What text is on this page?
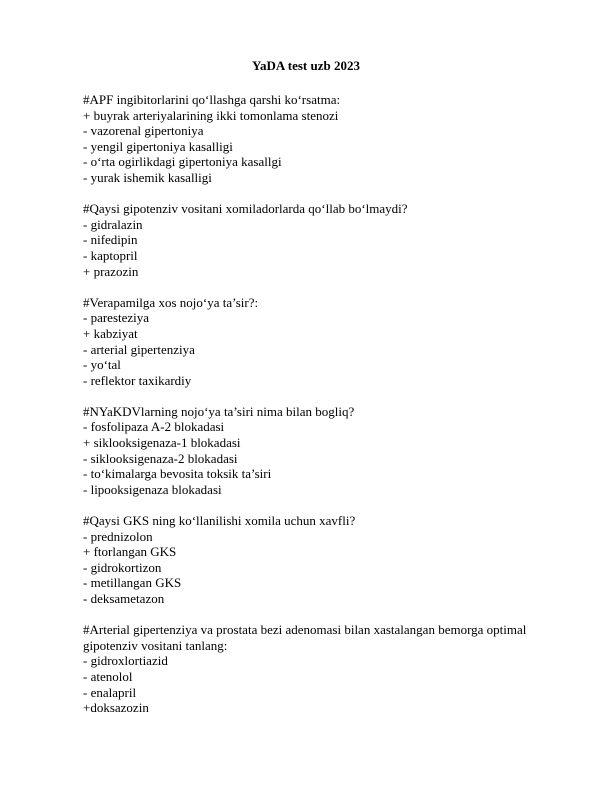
YaDA test uzb 2023
#APF ingibitorlarini qo‘llashga qarshi ko‘rsatma:
+ buyrak arteriyalarining ikki tomonlama stenozi
- vazorenal gipertoniya
- yengil gipertoniya kasalligi
- o‘rta ogirlikdagi gipertoniya kasallgi
- yurak ishemik kasalligi
#Qaysi gipotenziv vositani xomiladorlarda qo‘llab bo‘lmaydi?
- gidralazin
- nifedipin
- kaptopril
+ prazozin
#Verapamilga xos nojo‘ya ta’sir?:
- paresteziya
+ kabziyat
- arterial gipertenziya
- yo‘tal
- reflektor taxikardiy
#NYaKDVlarning nojo‘ya ta’siri nima bilan bogliq?
- fosfolipaza A-2 blokadasi
+ siklooksigenaza-1 blokadasi
- siklooksigenaza-2 blokadasi
- to‘kimalarga bevosita toksik ta’siri
- lipooksigenaza blokadasi
#Qaysi GKS ning ko‘llanilishi xomila uchun xavfli?
- prednizolon
+ ftorlangan GKS
- gidrokortizon
- metillangan GKS
- deksametazon
#Arterial gipertenziya va prostata bezi adenomasi bilan xastalangan bemorga optimal gipotenziv vositani tanlang:
- gidroxlortiazid
- atenolol
- enalapril
+doksazozin
